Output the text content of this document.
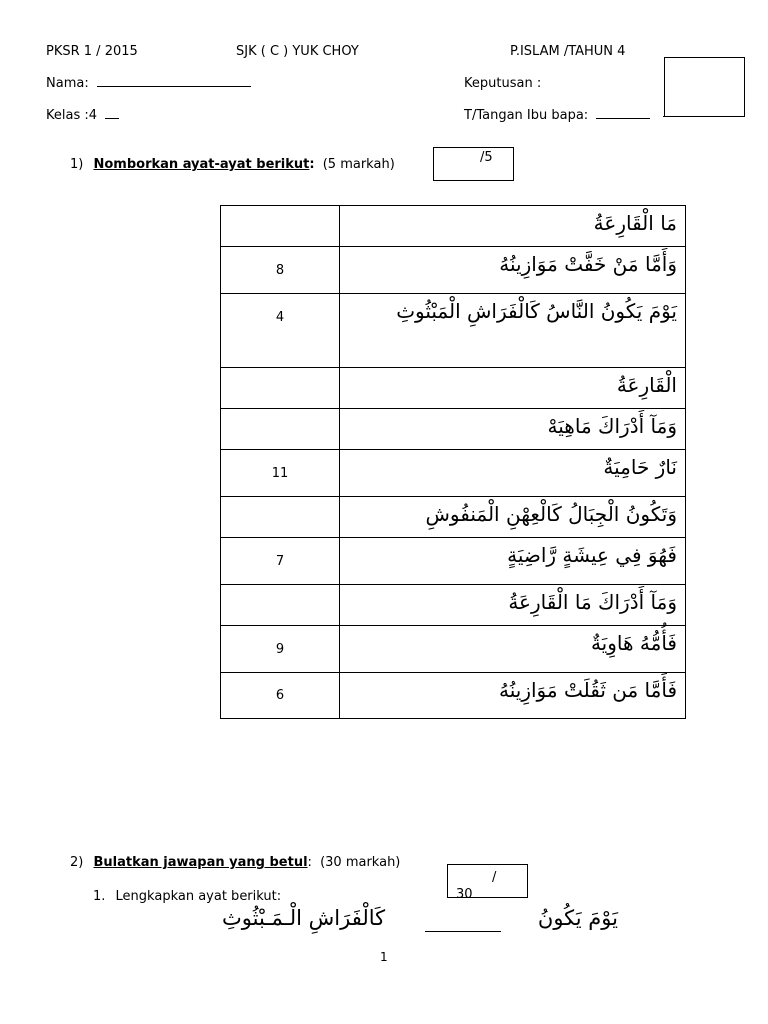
PKSR 1 / 2015	SJK ( C ) YUK CHOY	P.ISLAM /TAHUN 4
Nama:	Keputusan :
Kelas :4	T/Tangan Ibu bapa:
1) Nomborkan ayat-ayat berikut: (5 markah)	/5
	مَا الْقَارِعَةُ
8	وَأَمَّا مَنْ خَفَّتْ مَوَازِينُهُ
4	يَوْمَ يَكُونُ النَّاسُ كَالْفَرَاشِ الْمَبْثُوثِ
	الْقَارِعَةُ
	وَمَآ أَدْرَاكَ مَاهِيَهْ
11	نَارٌ حَامِيَةٌ
	وَتَكُونُ الْجِبَالُ كَالْعِهْنِ الْمَنفُوشِ
7	فَهُوَ فِي عِيشَةٍ رَّاضِيَةٍ
	وَمَآ أَدْرَاكَ مَا الْقَارِعَةُ
9	فَأُمُّهُ هَاوِيَةٌ
6	فَأَمَّا مَن ثَقُلَتْ مَوَازِينُهُ
2) Bulatkan jawapan yang betul: (30 markah)
/
30
1. Lengkapkan ayat berikut:
كَالْفَرَاشِ الْـمَـبْثُوثِ	يَوْمَ يَكُونُ
1
